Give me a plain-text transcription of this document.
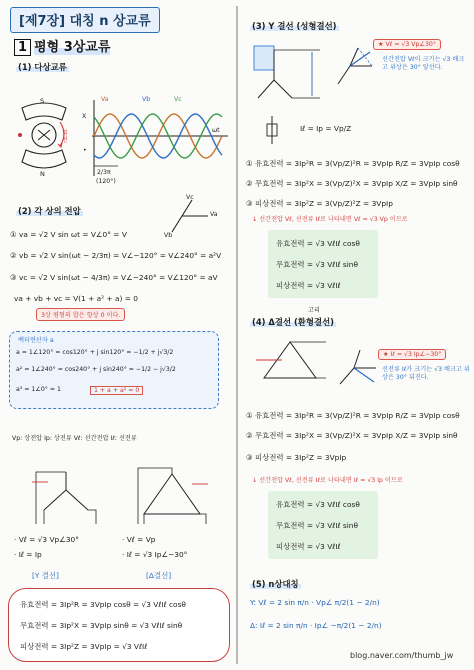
[제7장] 대칭 n 상교류
1 평형 3상교류
(1) 다상교류
S
N
회전
Va	Vb	Vc
ωt
X
•
2/3π
(120°)
(2) 각 상의 전압	Va
Vc
Vb
① va = √2 V sin ωt = V∠0° = V
② vb = √2 V sin(ωt − 2/3π) = V∠−120° = V∠240° = a²V
③ vc = √2 V sin(ωt − 4/3π) = V∠−240° = V∠120° = aV
va + vb + vc = V(1 + a² + a) = 0
3상 평형의 합은 항상 0 이다.
벡터연산자 a
a = 1∠120° = cos120° + j sin120° = −1/2 + j√3/2
a² = 1∠240° = cos240° + j sin240° = −1/2 − j√3/2
a³ = 1∠0° = 1	1 + a + a² = 0
Vp: 상전압 Ip: 상전류 Vℓ: 선간전압 Iℓ: 선전류
· Vℓ = √3 Vp∠30°
· Iℓ = Ip
· Vℓ = Vp
· Iℓ = √3 Ip∠−30°
[Y 결선]	[Δ결선]
유효전력 = 3Ip²R = 3VpIp cosθ = √3 VℓIℓ cosθ
무효전력 = 3Ip²X = 3VpIp sinθ = √3 VℓIℓ sinθ
피상전력 = 3Ip²Z = 3VpIp = √3 VℓIℓ
(3) Y 결선 (성형결선)
★ Vℓ = √3 Vp∠30°
선간전압 Vℓ이 크기는 √3 배크고 위상은 30° 앞선다.
Iℓ = Ip = Vp/Z
① 유효전력 = 3Ip²R = 3(Vp/Z)²R = 3VpIp R/Z = 3VpIp cosθ
② 무효전력 = 3Ip²X = 3(Vp/Z)²X = 3VpIp X/Z = 3VpIp sinθ
③ 피상전력 = 3Ip²Z = 3(Vp/Z)²Z = 3VpIp
↓ 선간전압 Vℓ, 선전류 Iℓ로 나타내면 Vℓ = √3 Vp 이므로
유효전력 = √3 VℓIℓ cosθ
무효전력 = √3 VℓIℓ sinθ
피상전력 = √3 VℓIℓ
(4) Δ결선 (환형결선)
고리
★ Iℓ = √3 Ip∠−30°
선전류 Iℓ가 크기는 √3 배크고 위상은 30° 뒤진다.
① 유효전력 = 3Ip²R = 3(Vp/Z)²R = 3VpIp R/Z = 3VpIp cosθ
② 무효전력 = 3Ip²X = 3(Vp/Z)²X = 3VpIp X/Z = 3VpIp sinθ
③ 피상전력 = 3Ip²Z = 3VpIp
↓ 선간전압 Vℓ, 선전류 Iℓ로 나타내면 Iℓ = √3 Ip 이므로
유효전력 = √3 VℓIℓ cosθ
무효전력 = √3 VℓIℓ sinθ
피상전력 = √3 VℓIℓ
(5) n상대칭
Y: Vℓ = 2 sin π/n · Vp∠ π/2(1 − 2/n)
Δ: Iℓ = 2 sin π/n · Ip∠ −π/2(1 − 2/n)
blog.naver.com/thumb_jw
